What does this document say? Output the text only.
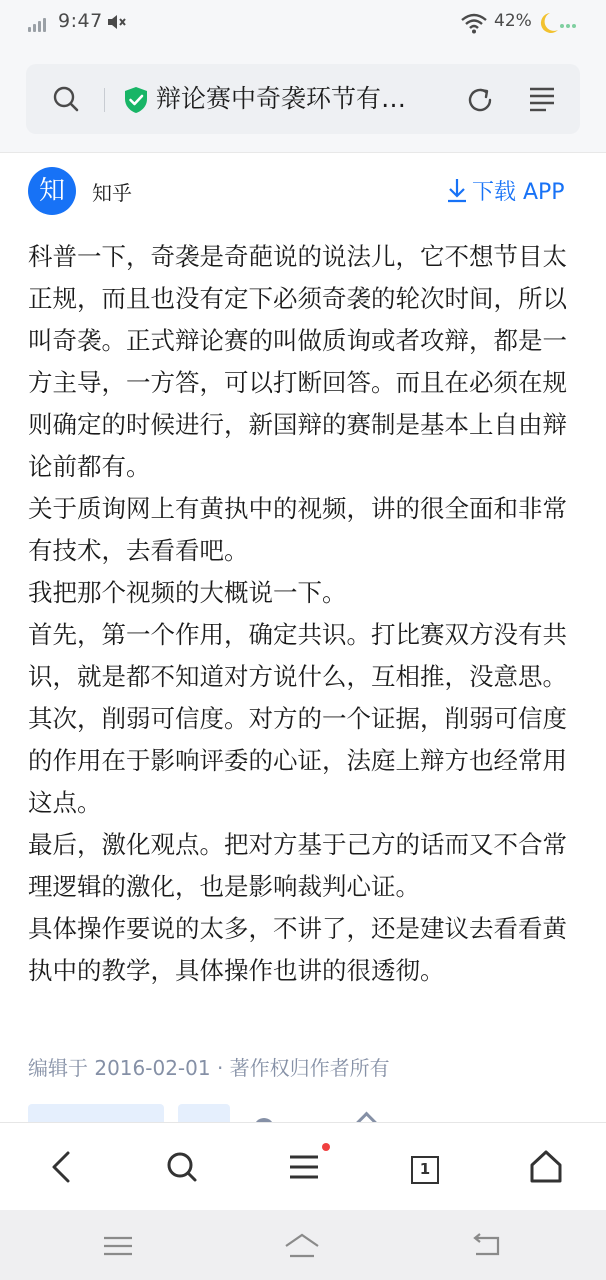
9:47	42%
辩论赛中奇袭环节有…
知	知乎	下载 APP

科普一下，奇袭是奇葩说的说法儿，它不想节目太正规，而且也没有定下必须奇袭的轮次时间，所以叫奇袭。正式辩论赛的叫做质询或者攻辩，都是一方主导，一方答，可以打断回答。而且在必须在规则确定的时候进行，新国辩的赛制是基本上自由辩论前都有。

关于质询网上有黄执中的视频，讲的很全面和非常有技术，去看看吧。

我把那个视频的大概说一下。

首先，第一个作用，确定共识。打比赛双方没有共识，就是都不知道对方说什么，互相推，没意思。

其次，削弱可信度。对方的一个证据，削弱可信度的作用在于影响评委的心证，法庭上辩方也经常用这点。

最后，激化观点。把对方基于己方的话而又不合常理逻辑的激化，也是影响裁判心证。

具体操作要说的太多，不讲了，还是建议去看看黄执中的教学，具体操作也讲的很透彻。

编辑于 2016-02-01 · 著作权归作者所有
1
